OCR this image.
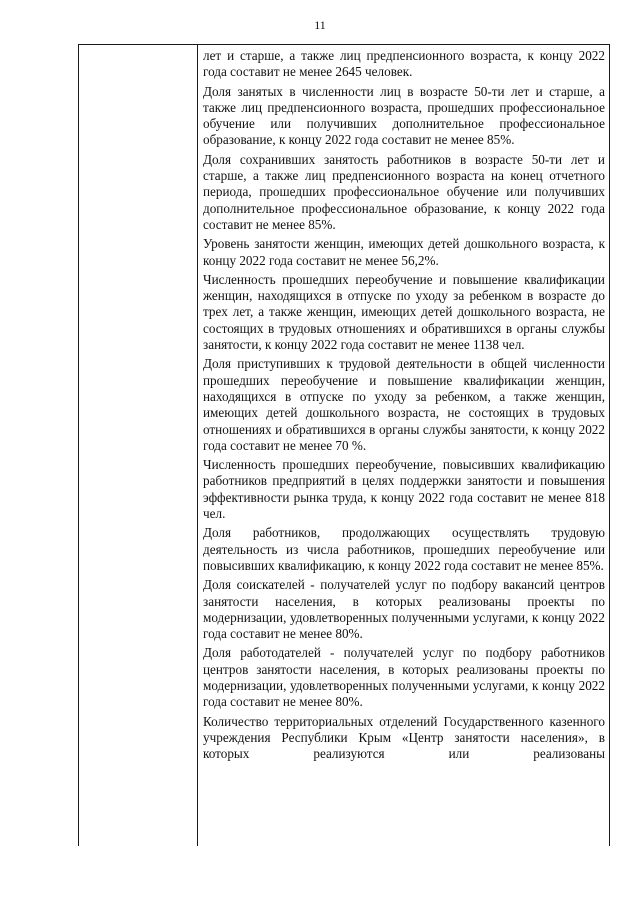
11

лет и старше, а также лиц предпенсионного возраста, к концу 2022 года составит не менее 2645 человек.

Доля занятых в численности лиц в возрасте 50-ти лет и старше, а также лиц предпенсионного возраста, прошедших профессиональное обучение или получивших дополнительное профессиональное образование, к концу 2022 года составит не менее 85%.

Доля сохранивших занятость работников в возрасте 50-ти лет и старше, а также лиц предпенсионного возраста на конец отчетного периода, прошедших профессиональное обучение или получивших дополнительное профессиональное образование, к концу 2022 года составит не менее 85%.

Уровень занятости женщин, имеющих детей дошкольного возраста, к концу 2022 года составит не менее 56,2%.

Численность прошедших переобучение и повышение квалификации женщин, находящихся в отпуске по уходу за ребенком в возрасте до трех лет, а также женщин, имеющих детей дошкольного возраста, не состоящих в трудовых отношениях и обратившихся в органы службы занятости, к концу 2022 года составит не менее 1138 чел.

Доля приступивших к трудовой деятельности в общей численности прошедших переобучение и повышение квалификации женщин, находящихся в отпуске по уходу за ребенком, а также женщин, имеющих детей дошкольного возраста, не состоящих в трудовых отношениях и обратившихся в органы службы занятости, к концу 2022 года составит не менее 70 %.

Численность прошедших переобучение, повысивших квалификацию работников предприятий в целях поддержки занятости и повышения эффективности рынка труда, к концу 2022 года составит не менее 818 чел.

Доля работников, продолжающих осуществлять трудовую деятельность из числа работников, прошедших переобучение или повысивших квалификацию, к концу 2022 года составит не менее 85%.

Доля соискателей - получателей услуг по подбору вакансий центров занятости населения, в которых реализованы проекты по модернизации, удовлетворенных полученными услугами, к концу 2022 года составит не менее 80%.

Доля работодателей - получателей услуг по подбору работников центров занятости населения, в которых реализованы проекты по модернизации, удовлетворенных полученными услугами, к концу 2022 года составит не менее 80%.

Количество территориальных отделений Государственного казенного учреждения Республики Крым «Центр занятости населения», в которых реализуются или реализованы
